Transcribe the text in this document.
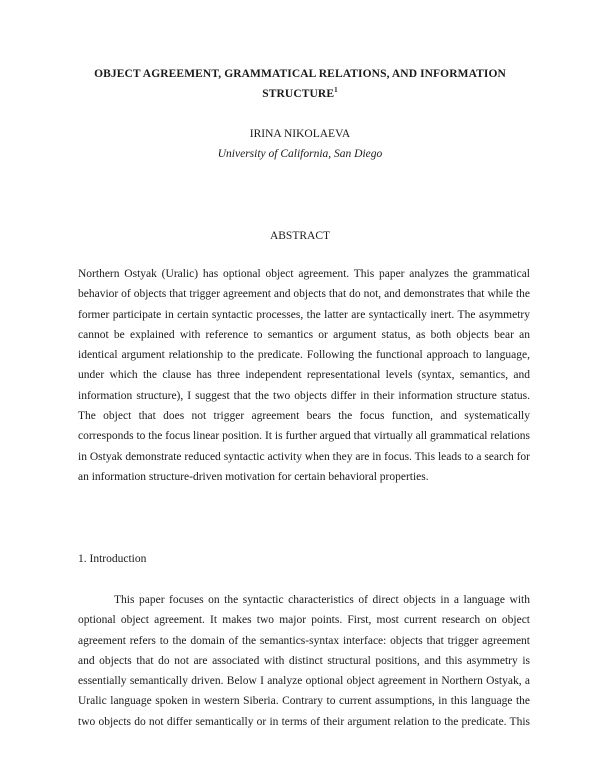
OBJECT AGREEMENT, GRAMMATICAL RELATIONS, AND INFORMATION
STRUCTURE$^1$
IRINA NIKOLAEVA
University of California, San Diego
ABSTRACT
Northern Ostyak (Uralic) has optional object agreement. This paper analyzes the grammatical
behavior of objects that trigger agreement and objects that do not, and demonstrates that while the
former participate in certain syntactic processes, the latter are syntactically inert. The asymmetry
cannot be explained with reference to semantics or argument status, as both objects bear an
identical argument relationship to the predicate. Following the functional approach to language,
under which the clause has three independent representational levels (syntax, semantics, and
information structure), I suggest that the two objects differ in their information structure status.
The object that does not trigger agreement bears the focus function, and systematically
corresponds to the focus linear position. It is further argued that virtually all grammatical relations
in Ostyak demonstrate reduced syntactic activity when they are in focus. This leads to a search for
an information structure-driven motivation for certain behavioral properties.
1. Introduction
This paper focuses on the syntactic characteristics of direct objects in a language with
optional object agreement. It makes two major points. First, most current research on object
agreement refers to the domain of the semantics-syntax interface: objects that trigger agreement
and objects that do not are associated with distinct structural positions, and this asymmetry is
essentially semantically driven. Below I analyze optional object agreement in Northern Ostyak, a
Uralic language spoken in western Siberia. Contrary to current assumptions, in this language the
two objects do not differ semantically or in terms of their argument relation to the predicate. This
